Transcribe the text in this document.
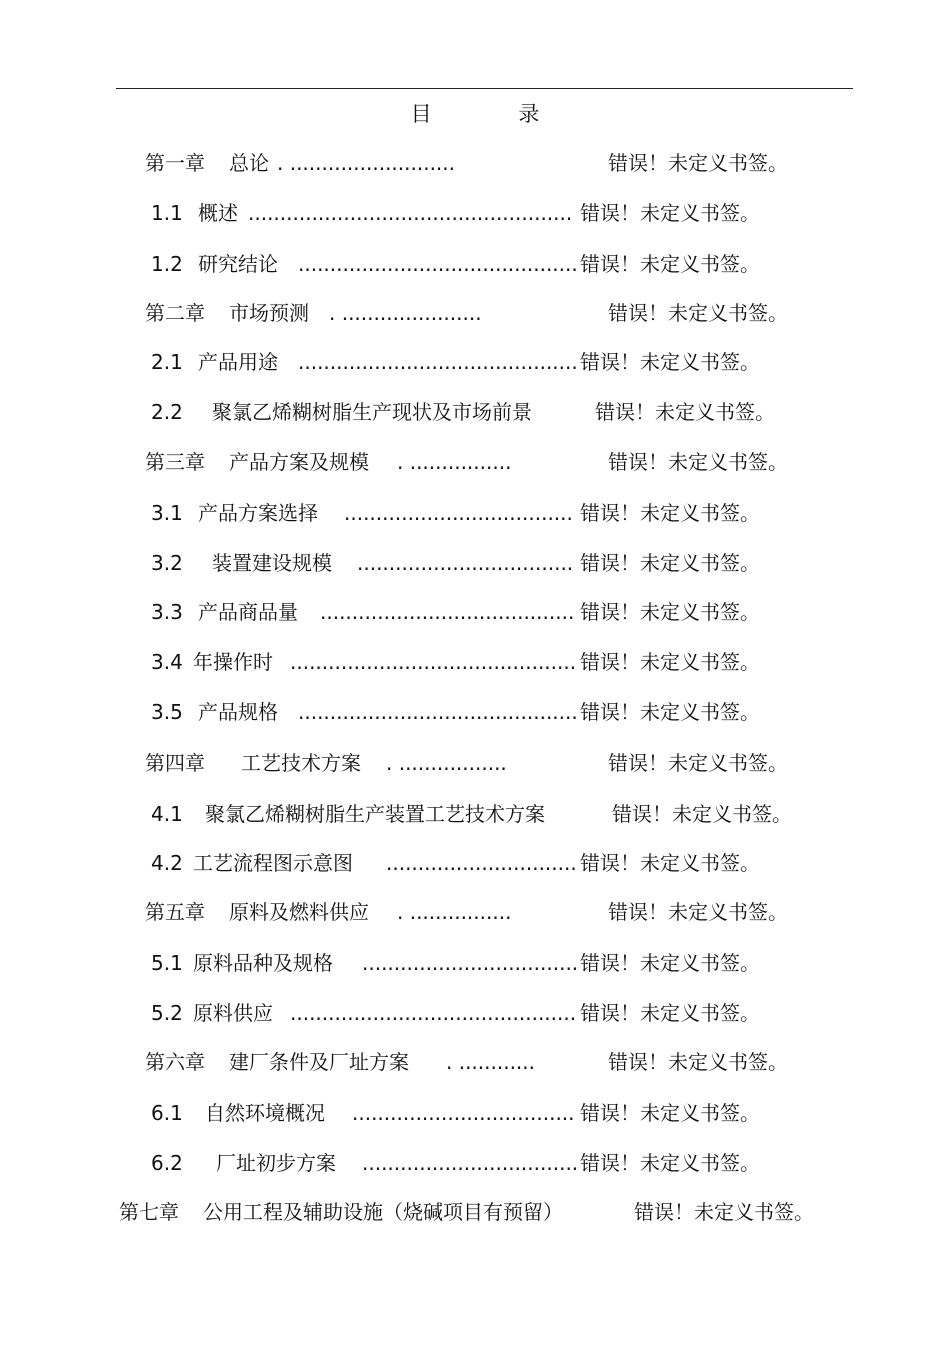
目 录
第一章 总论 . ..........................	错误！未定义书签。
1.1 概述 ................................................... 错误！未定义书签。
1.2 研究结论 ............................................ 错误！未定义书签。
第二章 市场预测 . ......................	错误！未定义书签。
2.1 产品用途 ............................................ 错误！未定义书签。
2.2 聚氯乙烯糊树脂生产现状及市场前景	错误！未定义书签。
第三章 产品方案及规模 . ................	错误！未定义书签。
3.1 产品方案选择 .................................... 错误！未定义书签。
3.2 装置建设规模 .................................. 错误！未定义书签。
3.3 产品商品量 ........................................ 错误！未定义书签。
3.4 年操作时 ............................................. 错误！未定义书签。
3.5 产品规格 ............................................ 错误！未定义书签。
第四章 工艺技术方案 . .................	错误！未定义书签。
4.1 聚氯乙烯糊树脂生产装置工艺技术方案	错误！未定义书签。
4.2 工艺流程图示意图 .............................. 错误！未定义书签。
第五章 原料及燃料供应 . ................	错误！未定义书签。
5.1 原料品种及规格 .................................. 错误！未定义书签。
5.2 原料供应 ............................................. 错误！未定义书签。
第六章 建厂条件及厂址方案 . ............	错误！未定义书签。
6.1 自然环境概况 ................................... 错误！未定义书签。
6.2 厂址初步方案 .................................. 错误！未定义书签。
第七章 公用工程及辅助设施（烧碱项目有预留）	错误！未定义书签。
